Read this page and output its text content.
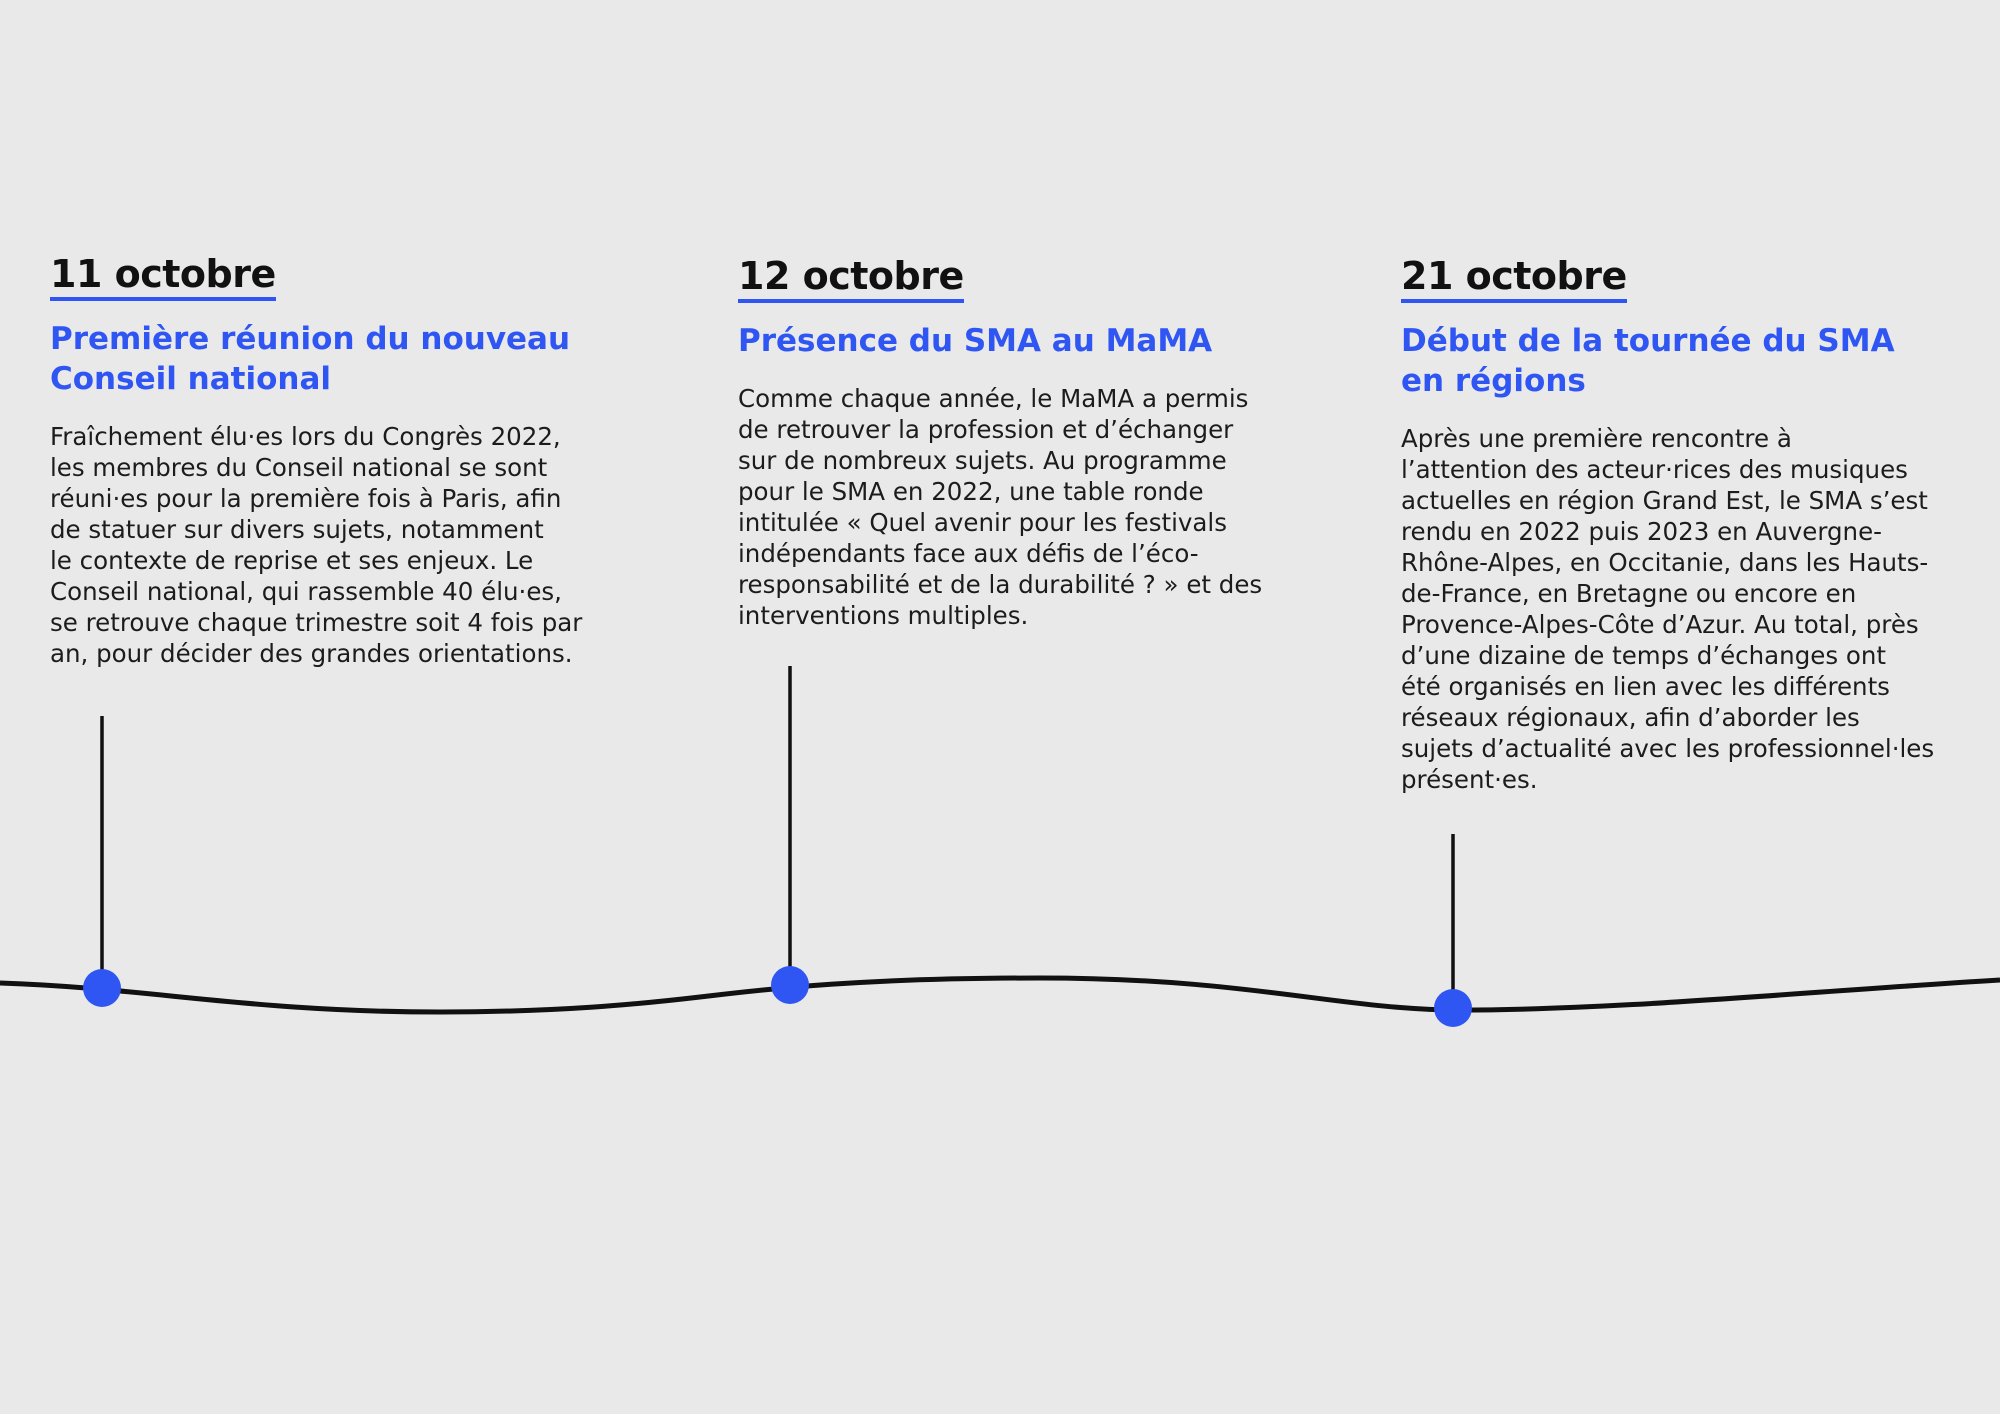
11 octobre
Première réunion du nouveau
Conseil national

Fraîchement élu·es lors du Congrès 2022,
les membres du Conseil national se sont
réuni·es pour la première fois à Paris, afin
de statuer sur divers sujets, notamment
le contexte de reprise et ses enjeux. Le
Conseil national, qui rassemble 40 élu·es,
se retrouve chaque trimestre soit 4 fois par
an, pour décider des grandes orientations.

12 octobre
Présence du SMA au MaMA

Comme chaque année, le MaMA a permis
de retrouver la profession et d’échanger
sur de nombreux sujets. Au programme
pour le SMA en 2022, une table ronde
intitulée « Quel avenir pour les festivals
indépendants face aux défis de l’éco-
responsabilité et de la durabilité ? » et des
interventions multiples.

21 octobre
Début de la tournée du SMA
en régions

Après une première rencontre à
l’attention des acteur·rices des musiques
actuelles en région Grand Est, le SMA s’est
rendu en 2022 puis 2023 en Auvergne-
Rhône-Alpes, en Occitanie, dans les Hauts-
de-France, en Bretagne ou encore en
Provence-Alpes-Côte d’Azur. Au total, près
d’une dizaine de temps d’échanges ont
été organisés en lien avec les différents
réseaux régionaux, afin d’aborder les
sujets d’actualité avec les professionnel·les
présent·es.
